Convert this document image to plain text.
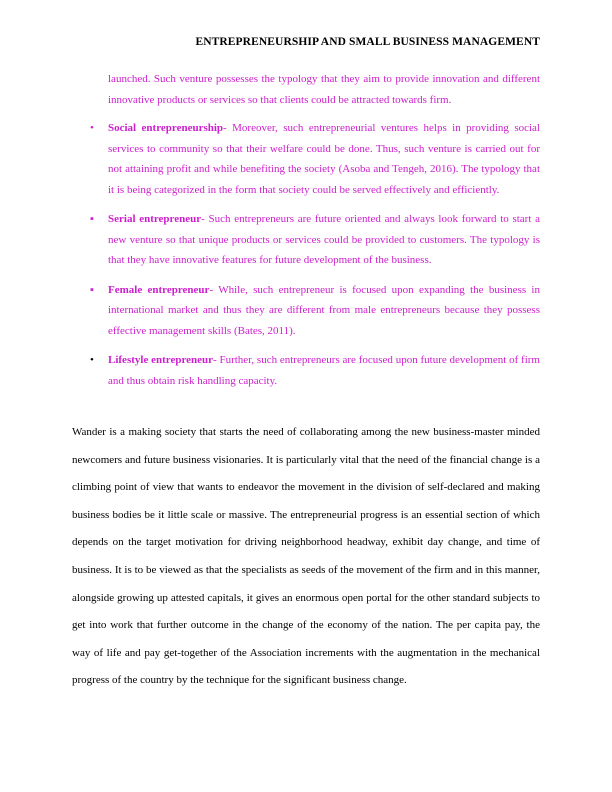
ENTREPRENEURSHIP AND SMALL BUSINESS MANAGEMENT

launched. Such venture possesses the typology that they aim to provide innovation and different innovative products or services so that clients could be attracted towards firm.

• Social entrepreneurship- Moreover, such entrepreneurial ventures helps in providing social services to community so that their welfare could be done. Thus, such venture is carried out for not attaining profit and while benefiting the society (Asoba and Tengeh, 2016). The typology that it is being categorized in the form that society could be served effectively and efficiently.
▪ Serial entrepreneur- Such entrepreneurs are future oriented and always look forward to start a new venture so that unique products or services could be provided to customers. The typology is that they have innovative features for future development of the business.
▪ Female entrepreneur- While, such entrepreneur is focused upon expanding the business in international market and thus they are different from male entrepreneurs because they possess effective management skills (Bates, 2011).
• Lifestyle entrepreneur- Further, such entrepreneurs are focused upon future development of firm and thus obtain risk handling capacity.

Wander is a making society that starts the need of collaborating among the new business-master minded newcomers and future business visionaries. It is particularly vital that the need of the financial change is a climbing point of view that wants to endeavor the movement in the division of self-declared and making business bodies be it little scale or massive. The entrepreneurial progress is an essential section of which depends on the target motivation for driving neighborhood headway, exhibit day change, and time of business. It is to be viewed as that the specialists as seeds of the movement of the firm and in this manner, alongside growing up attested capitals, it gives an enormous open portal for the other standard subjects to get into work that further outcome in the change of the economy of the nation. The per capita pay, the way of life and pay get-together of the Association increments with the augmentation in the mechanical progress of the country by the technique for the significant business change.
